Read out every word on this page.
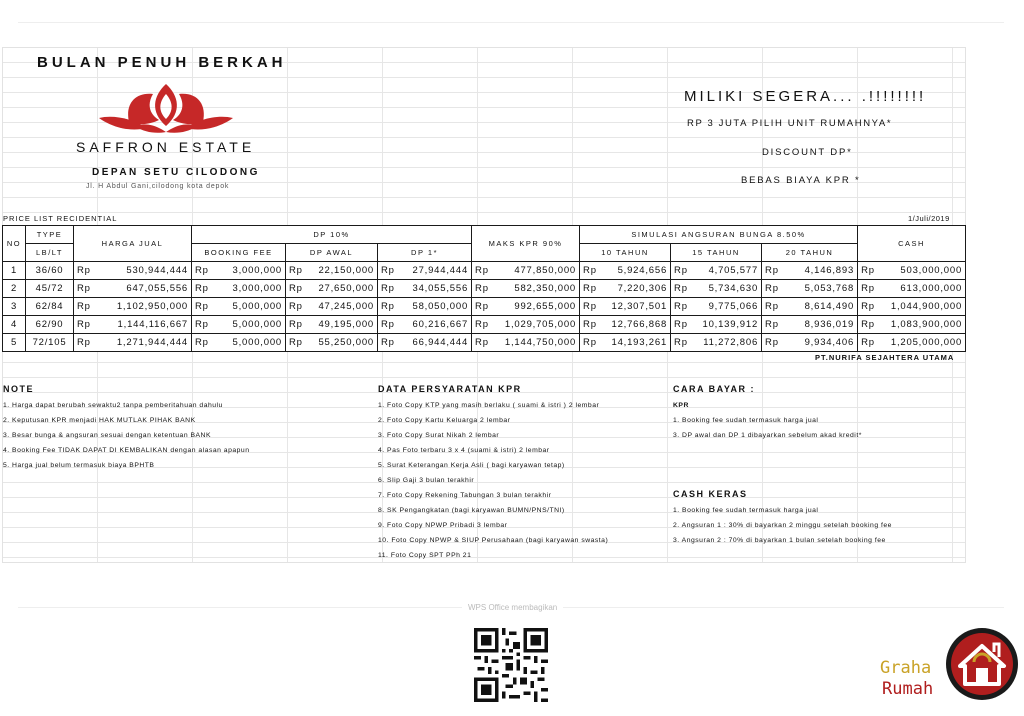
BULAN PENUH BERKAH
SAFFRON ESTATE
DEPAN SETU CILODONG
Jl. H Abdul Gani,cilodong kota depok
MILIKI SEGERA... .!!!!!!!!
RP 3 JUTA PILIH UNIT RUMAHNYA*
DISCOUNT DP*
BEBAS BIAYA KPR *
PRICE LIST RECIDENTIAL	1/Juli/2019
NO	TYPE	HARGA JUAL	DP 10%			MAKS KPR 90%	SIMULASI ANGSURAN BUNGA 8.50%			CASH
	LB/LT		BOOKING FEE	DP AWAL	DP 1*		10 TAHUN	15 TAHUN	20 TAHUN	
1	36/60	Rp 530,944,444	Rp 3,000,000	Rp 22,150,000	Rp 27,944,444	Rp 477,850,000	Rp 5,924,656	Rp 4,705,577	Rp 4,146,893	Rp 503,000,000

2	45/72	Rp 647,055,556	Rp 3,000,000	Rp 27,650,000	Rp 34,055,556	Rp 582,350,000	Rp 7,220,306	Rp 5,734,630	Rp 5,053,768	Rp 613,000,000

3	62/84	Rp 1,102,950,000	Rp 5,000,000	Rp 47,245,000	Rp 58,050,000	Rp 992,655,000	Rp 12,307,501	Rp 9,775,066	Rp 8,614,490	Rp 1,044,900,000

4	62/90	Rp 1,144,116,667	Rp 5,000,000	Rp 49,195,000	Rp 60,216,667	Rp 1,029,705,000	Rp 12,766,868	Rp 10,139,912	Rp 8,936,019	Rp 1,083,900,000

5	72/105	Rp 1,271,944,444	Rp 5,000,000	Rp 55,250,000	Rp 66,944,444	Rp 1,144,750,000	Rp 14,193,261	Rp 11,272,806	Rp 9,934,406	Rp 1,205,000,000
PT.NURIFA SEJAHTERA UTAMA
NOTE
1. Harga dapat berubah sewaktu2 tanpa pemberitahuan dahulu
2. Keputusan KPR menjadi HAK MUTLAK PIHAK BANK
3. Besar bunga & angsuran sesuai dengan ketentuan BANK
4. Booking Fee TIDAK DAPAT DI KEMBALIKAN dengan alasan apapun
5. Harga jual belum termasuk biaya BPHTB
DATA PERSYARATAN KPR
1. Foto Copy KTP yang masih berlaku ( suami & istri ) 2 lembar
2. Foto Copy Kartu Keluarga 2 lembar
3. Foto Copy Surat Nikah 2 lembar
4. Pas Foto terbaru 3 x 4 (suami & istri) 2 lembar
5. Surat Keterangan Kerja Asli ( bagi karyawan tetap)
6. Slip Gaji 3 bulan terakhir
7. Foto Copy Rekening Tabungan 3 bulan terakhir
8. SK Pengangkatan (bagi karyawan BUMN/PNS/TNI)
9. Foto Copy NPWP Pribadi 3 lembar
10. Foto Copy NPWP & SIUP Perusahaan (bagi karyawan swasta)
11. Foto Copy SPT PPh 21
CARA BAYAR :
KPR
1. Booking fee sudah termasuk harga jual
3. DP awal dan DP 1 dibayarkan sebelum akad kredit*
CASH KERAS
1. Booking fee sudah termasuk harga jual
2. Angsuran 1 : 30% di bayarkan 2 minggu setelah booking fee
3. Angsuran 2 : 70% di bayarkan 1 bulan setelah booking fee
WPS Office membagikan
Graha
Rumah
